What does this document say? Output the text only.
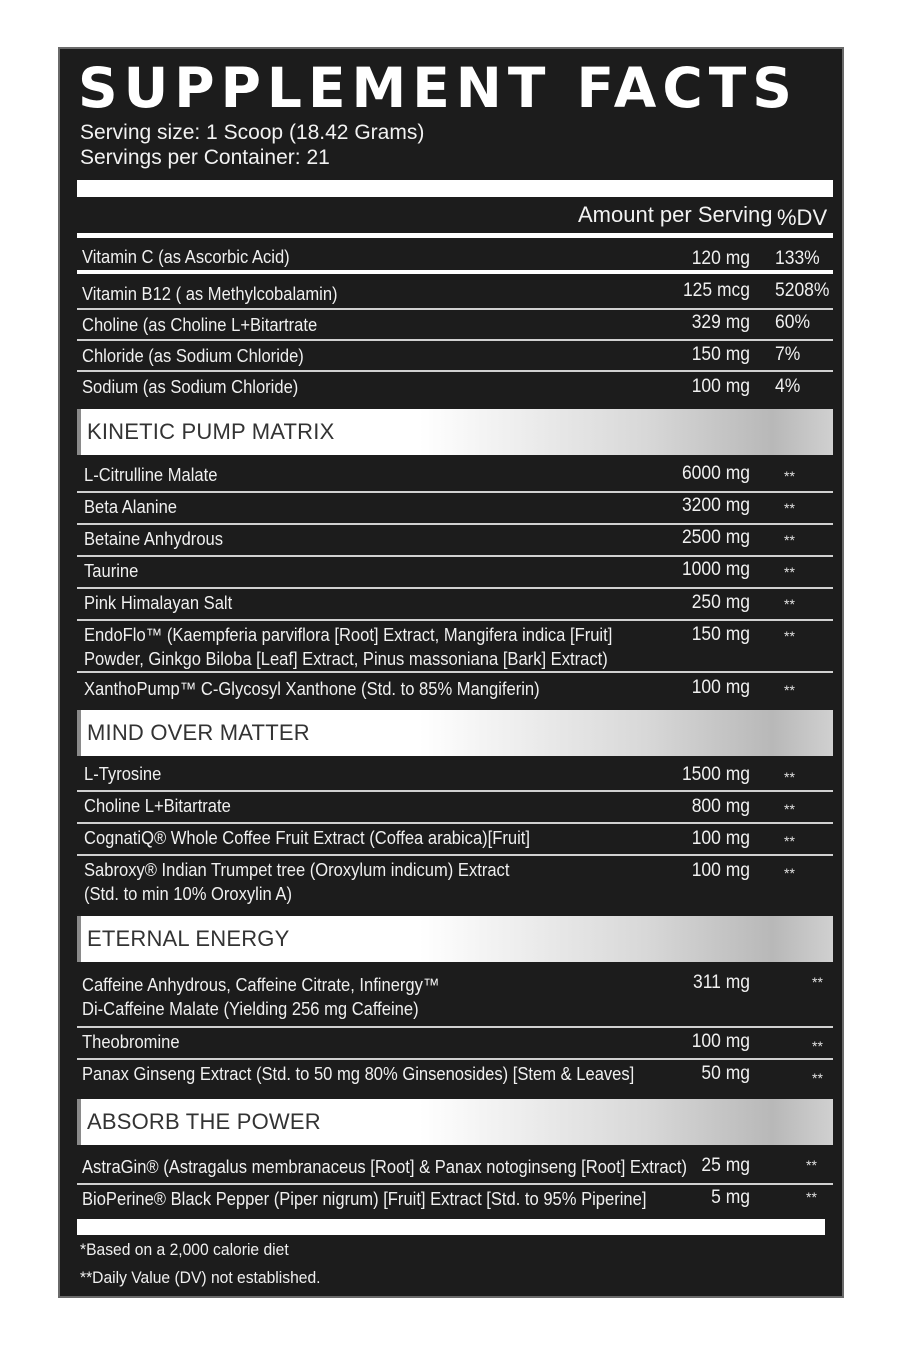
SUPPLEMENT FACTS
Serving size: 1 Scoop (18.42 Grams)
Servings per Container: 21
Amount per Serving %DV
Vitamin C (as Ascorbic Acid)	120 mg 133%
Vitamin B12 ( as Methylcobalamin)	125 mcg 5208%
Choline (as Choline L+Bitartrate	329 mg 60%
Chloride (as Sodium Chloride)	150 mg 7%
Sodium (as Sodium Chloride)	100 mg 4%
KINETIC PUMP MATRIX
L-Citrulline Malate	6000 mg **
Beta Alanine	3200 mg **
Betaine Anhydrous	2500 mg **
Taurine	1000 mg **
Pink Himalayan Salt	250 mg **
EndoFlo™ (Kaempferia parviflora [Root] Extract, Mangifera indica [Fruit]
Powder, Ginkgo Biloba [Leaf] Extract, Pinus massoniana [Bark] Extract)
150 mg **
XanthoPump™ C-Glycosyl Xanthone (Std. to 85% Mangiferin)	100 mg **
MIND OVER MATTER
L-Tyrosine	1500 mg **
Choline L+Bitartrate	800 mg **
CognatiQ® Whole Coffee Fruit Extract (Coffea arabica)[Fruit]	100 mg **
Sabroxy® Indian Trumpet tree (Oroxylum indicum) Extract
(Std. to min 10% Oroxylin A)
100 mg **
ETERNAL ENERGY
Caffeine Anhydrous, Caffeine Citrate, Infinergy™
Di-Caffeine Malate (Yielding 256 mg Caffeine)
311 mg	**
Theobromine	100 mg	**
Panax Ginseng Extract (Std. to 50 mg 80% Ginsenosides) [Stem & Leaves]	50 mg	**
ABSORB THE POWER
AstraGin® (Astragalus membranaceus [Root] & Panax notoginseng [Root] Extract) 25 mg	**
BioPerine® Black Pepper (Piper nigrum) [Fruit] Extract [Std. to 95% Piperine]	5 mg	**
*Based on a 2,000 calorie diet
**Daily Value (DV) not established.
